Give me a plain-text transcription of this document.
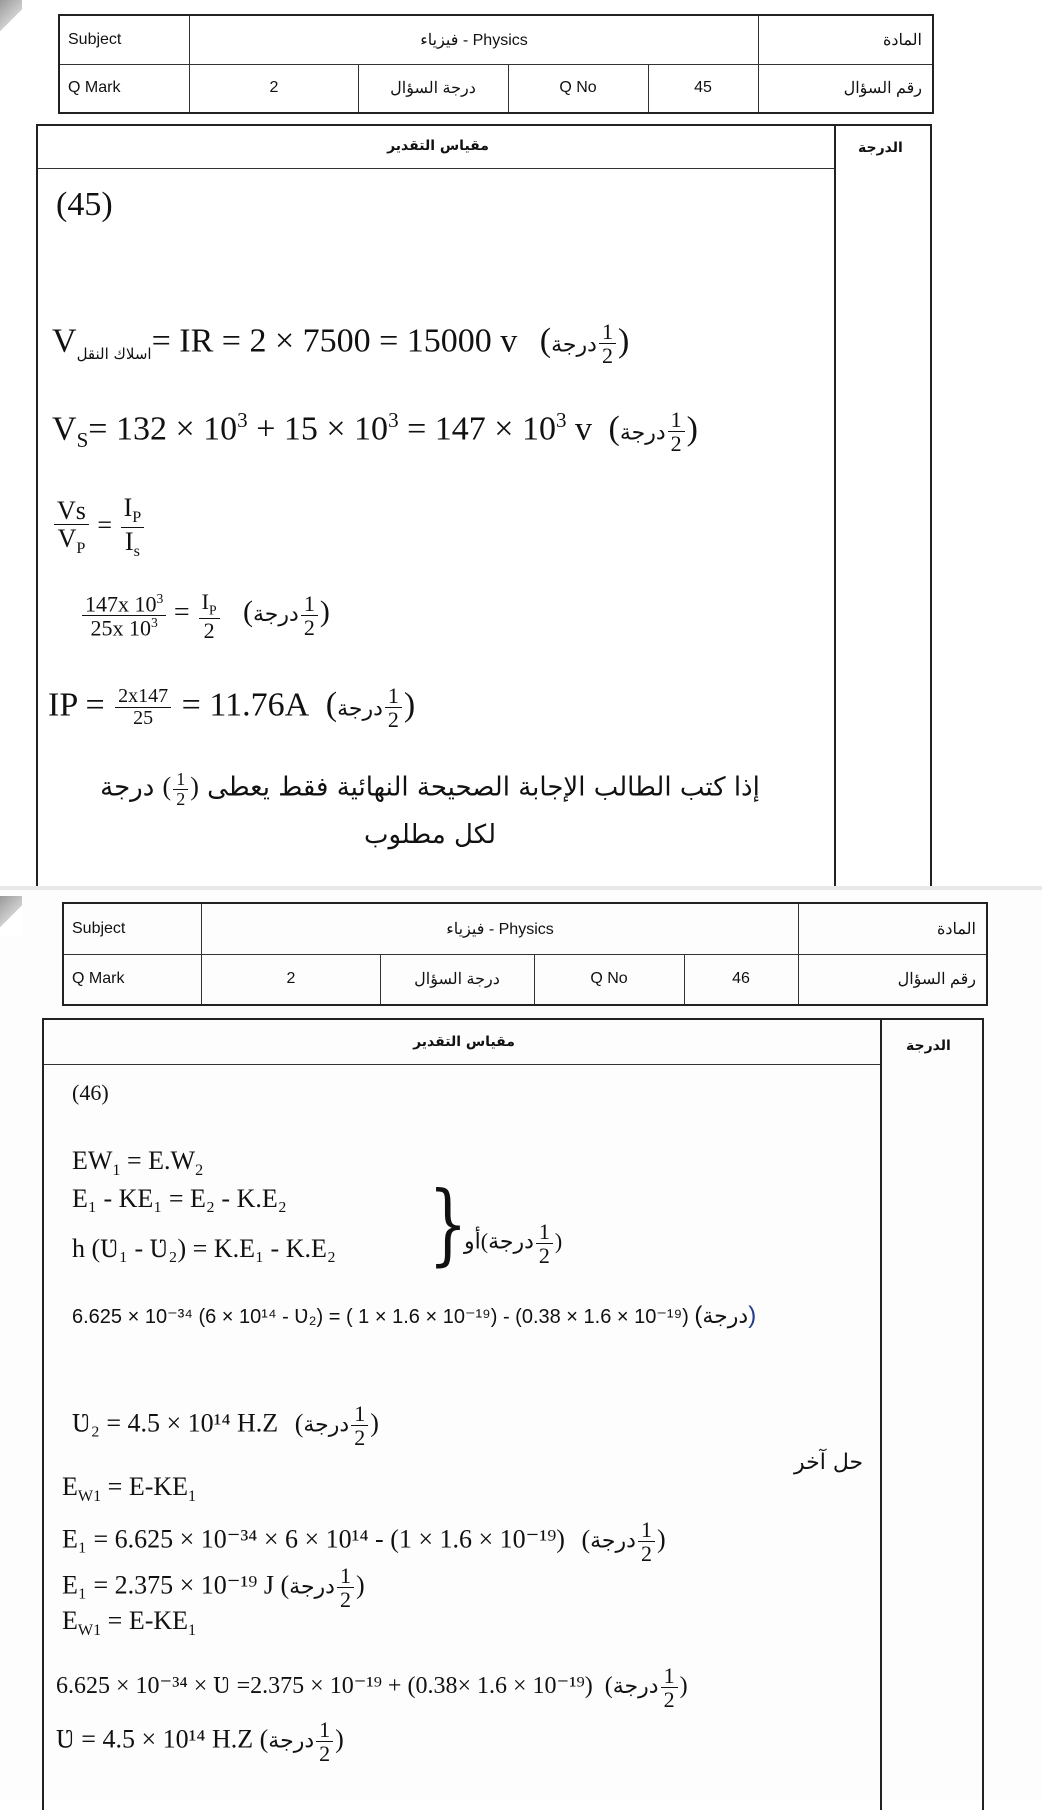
Subject	فيزياء - Physics	المادة
Q Mark	2	درجة السؤال	Q No	45	رقم السؤال
مقياس التقدير	الدرجة
(45)
$V_{اسلاك النقل}=$ IR = 2 × 7500 = 15000 v (درجة $\frac{1}{2}$ )
$V_S= 132 \times 10^3 + 15 \times 10^3 = 147 \times 10^3$ v (درجة $\frac{1}{2}$ )
$\frac{Vs}{V_P} = \frac{I_P}{I_s}$
$\frac{147x 10^3}{25x 10^3} = \frac{I_P}{2}$ (درجة $\frac{1}{2}$ )
IP = $\frac{2x147}{25} = 11.76A$ (درجة $\frac{1}{2}$ )
إذا كتب الطالب الإجابة الصحيحة النهائية فقط يعطى ( $\frac{1}{2}$ ) درجة
لكل مطلوب
Subject	فيزياء - Physics	المادة
Q Mark	2	درجة السؤال	Q No	46	رقم السؤال
مقياس التقدير	الدرجة
(46)
$EW_1 = E.W_2$
E₁ - KE₁ = E₂ - K.E₂
h (Ʋ₁ - Ʋ₂) = K.E₁ - K.E₂ }
أو(درجة $\frac{1}{2}$ )
6.625 × 10⁻³⁴ (6 × 10¹⁴ - Ʋ₂) = ( 1 × 1.6 × 10⁻¹⁹) - (0.38 × 1.6 × 10⁻¹⁹) (درجة)
Ʋ₂ = 4.5 × 10¹⁴ H.Z (درجة $\frac{1}{2}$ )
حل آخر
$E_{W1} = E-KE_1$
E₁ = 6.625 × 10⁻³⁴ × 6 × 10¹⁴ - (1 × 1.6 × 10⁻¹⁹) (درجة $\frac{1}{2}$ )
E₁ = 2.375 × 10⁻¹⁹ J (درجة $\frac{1}{2}$ )
$E_{W1} = E-KE_1$
6.625 × 10⁻³⁴ × Ʋ =2.375 × 10⁻¹⁹ + (0.38× 1.6 × 10⁻¹⁹) (درجة $\frac{1}{2}$ )
Ʋ = 4.5 × 10¹⁴ H.Z (درجة $\frac{1}{2}$ )
